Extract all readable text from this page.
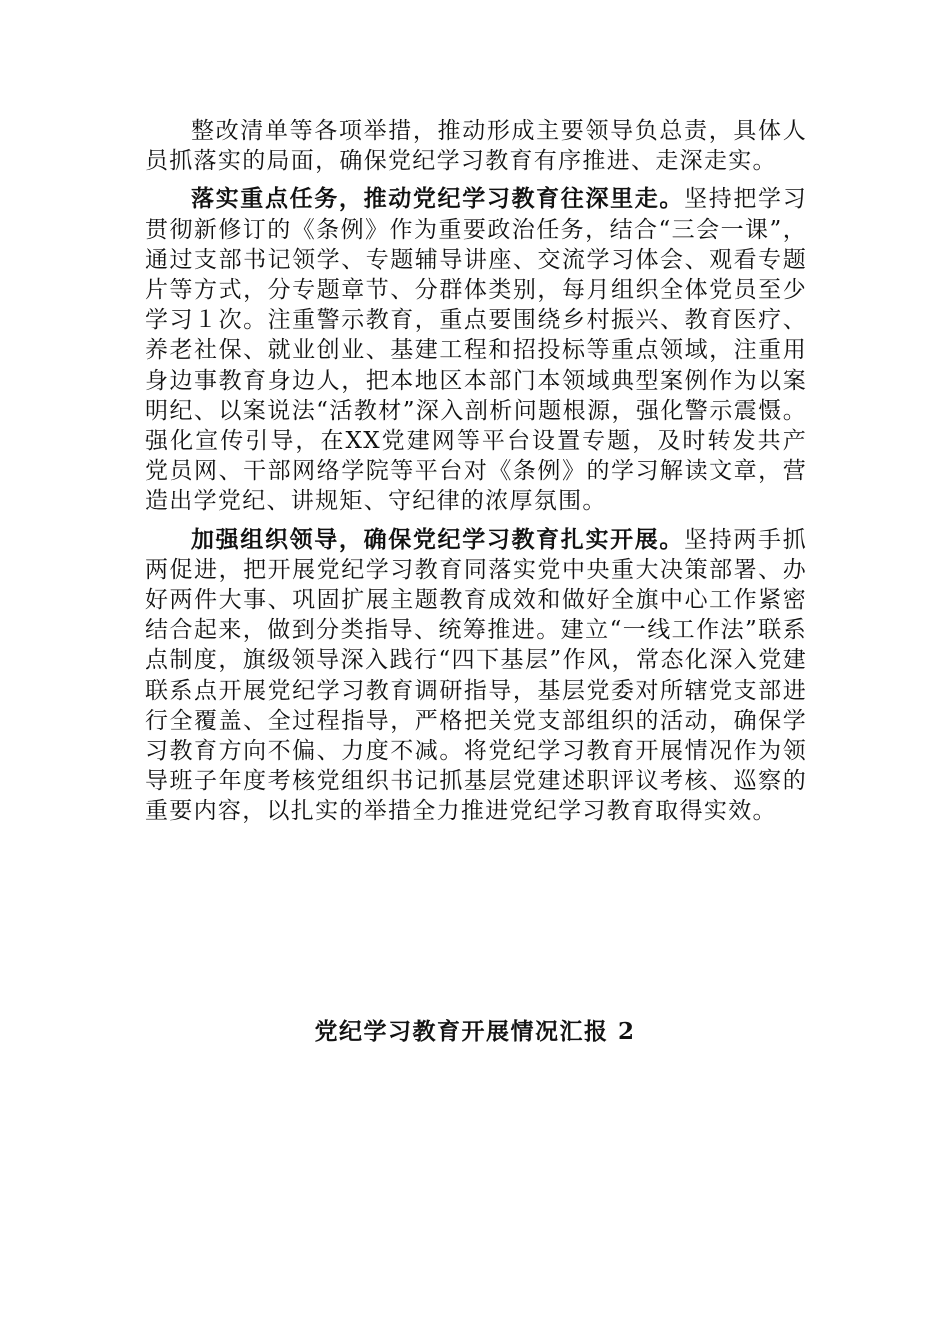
整改清单等各项举措，推动形成主要领导负总责，具体人员抓落实的局面，确保党纪学习教育有序推进、走深走实。

落实重点任务，推动党纪学习教育往深里走。坚持把学习贯彻新修订的《条例》作为重要政治任务，结合“三会一课”，通过支部书记领学、专题辅导讲座、交流学习体会、观看专题片等方式，分专题章节、分群体类别，每月组织全体党员至少学习１次。注重警示教育，重点要围绕乡村振兴、教育医疗、养老社保、就业创业、基建工程和招投标等重点领域，注重用身边事教育身边人，把本地区本部门本领域典型案例作为以案明纪、以案说法“活教材”深入剖析问题根源，强化警示震慑。强化宣传引导，在XX党建网等平台设置专题，及时转发共产党员网、干部网络学院等平台对《条例》的学习解读文章，营造出学党纪、讲规矩、守纪律的浓厚氛围。

加强组织领导，确保党纪学习教育扎实开展。坚持两手抓两促进，把开展党纪学习教育同落实党中央重大决策部署、办好两件大事、巩固扩展主题教育成效和做好全旗中心工作紧密结合起来，做到分类指导、统筹推进。建立“一线工作法”联系点制度，旗级领导深入践行“四下基层”作风，常态化深入党建联系点开展党纪学习教育调研指导，基层党委对所辖党支部进行全覆盖、全过程指导，严格把关党支部组织的活动，确保学习教育方向不偏、力度不减。将党纪学习教育开展情况作为领导班子年度考核党组织书记抓基层党建述职评议考核、巡察的重要内容，以扎实的举措全力推进党纪学习教育取得实效。

党纪学习教育开展情况汇报 2
